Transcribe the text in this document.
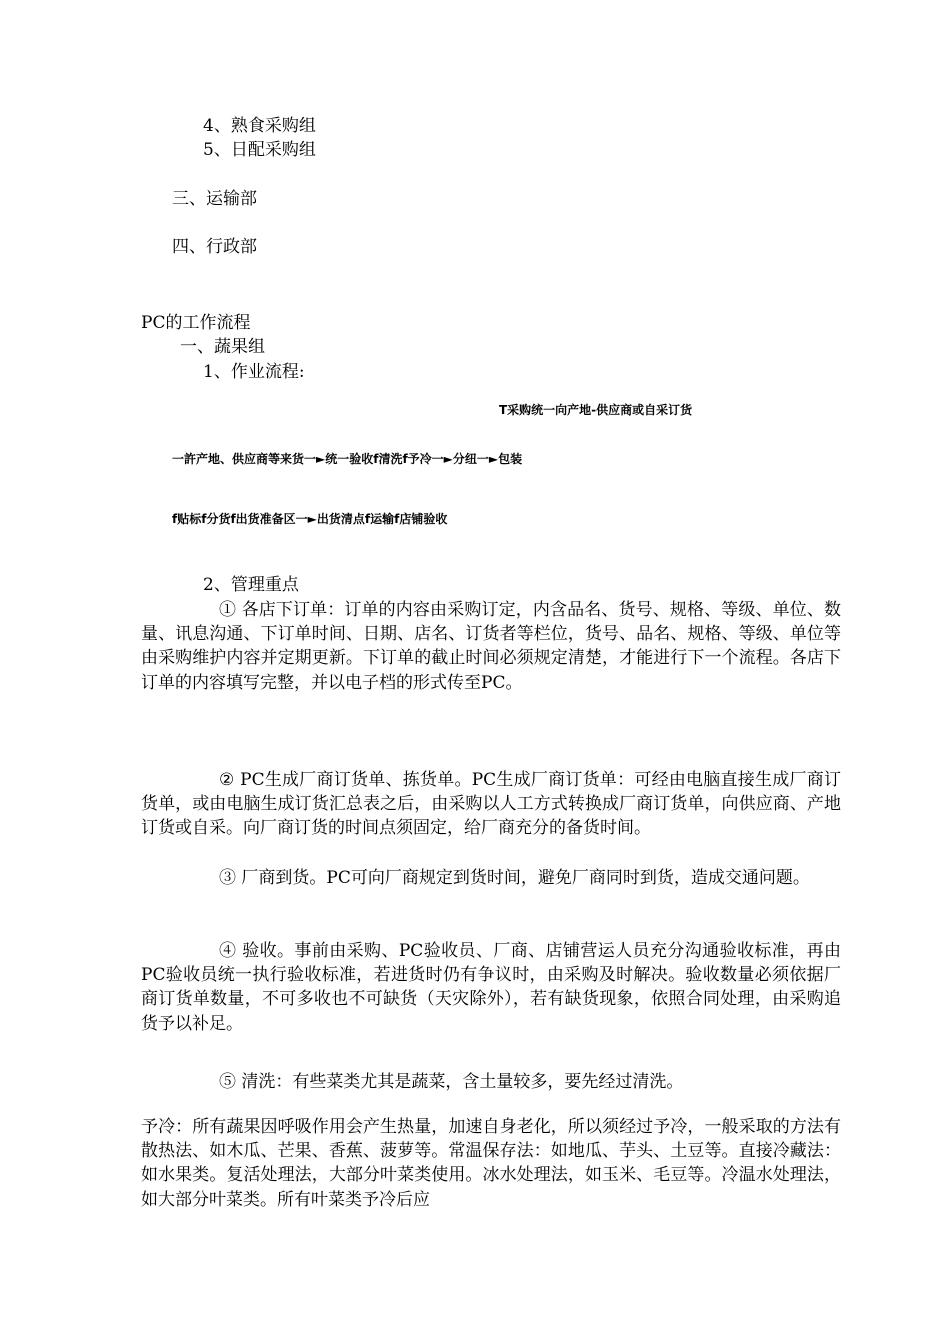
4、熟食采购组
5、日配采购组
三、运输部
四、行政部
PC的工作流程
一、蔬果组
1、作业流程:
T采购统一向产地-供应商或自采订货
一許产地、供应商等来货一►统一验收f清洗f予冷一►分纽一►包装
f贴标f分货f出货准备区一►出货清点f运输f店铺验收
2、管理重点

① 各店下订单：订单的内容由采购订定，内含品名、货号、规格、等级、单位、数量、讯息沟通、下订单时间、日期、店名、订货者等栏位，货号、品名、规格、等级、单位等由采购维护内容并定期更新。下订单的截止时间必须规定清楚，才能进行下一个流程。各店下订单的内容填写完整，并以电子档的形式传至PC。

② PC生成厂商订货单、拣货单。PC生成厂商订货单：可经由电脑直接生成厂商订货单，或由电脑生成订货汇总表之后，由采购以人工方式转换成厂商订货单，向供应商、产地订货或自采。向厂商订货的时间点须固定，给厂商充分的备货时间。

③ 厂商到货。PC可向厂商规定到货时间，避免厂商同时到货，造成交通问题。

④ 验收。事前由采购、PC验收员、厂商、店铺营运人员充分沟通验收标准，再由PC验收员统一执行验收标准，若进货时仍有争议时，由采购及时解决。验收数量必须依据厂商订货单数量，不可多收也不可缺货（天灾除外），若有缺货现象，依照合同处理，由采购追货予以补足。

⑤ 清洗：有些菜类尤其是蔬菜，含土量较多，要先经过清洗。

予冷：所有蔬果因呼吸作用会产生热量，加速自身老化，所以须经过予冷，一般采取的方法有散热法、如木瓜、芒果、香蕉、菠萝等。常温保存法：如地瓜、芋头、土豆等。直接冷藏法：如水果类。复活处理法，大部分叶菜类使用。冰水处理法，如玉米、毛豆等。冷温水处理法，如大部分叶菜类。所有叶菜类予冷后应
